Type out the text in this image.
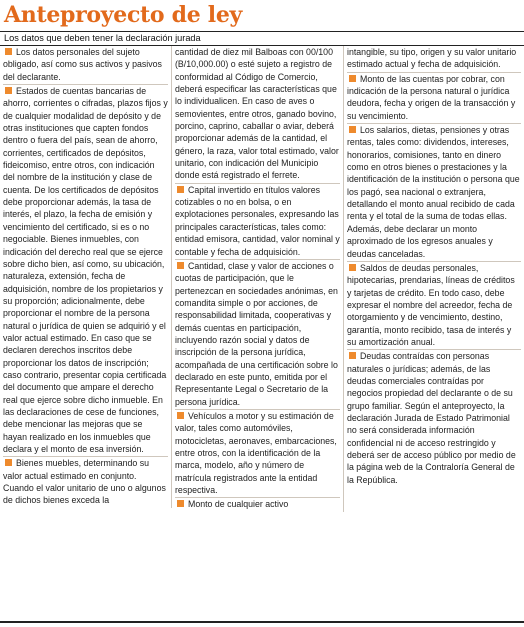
Anteproyecto de ley
Los datos que deben tener la declaración jurada
Los datos personales del sujeto obligado, así como sus activos y pasivos del declarante.
Estados de cuentas bancarias de ahorro, corrientes o cifradas, plazos fijos y de cualquier modalidad de depósito y de otras instituciones que capten fondos dentro o fuera del país, sean de ahorro, corrientes, certificados de depósitos, fideicomiso, entre otros, con indicación del nombre de la institución y clase de cuenta. De los certificados de depósitos debe proporcionar además, la tasa de interés, el plazo, la fecha de emisión y vencimiento del certificado, si es o no negociable. Bienes inmuebles, con indicación del derecho real que se ejerce sobre dicho bien, así como, su ubicación, naturaleza, extensión, fecha de adquisición, nombre de los propietarios y su proporción; adicionalmente, debe proporcionar el nombre de la persona natural o jurídica de quien se adquirió y el valor actual estimado. En caso que se declaren derechos inscritos debe proporcionar los datos de inscripción; caso contrario, presentar copia certificada del documento que ampare el derecho real que ejerce sobre dicho inmueble. En las declaraciones de cese de funciones, debe mencionar las mejoras que se hayan realizado en los inmuebles que declara y el monto de esa inversión.
Bienes muebles, determinando su valor actual estimado en conjunto. Cuando el valor unitario de uno o algunos de dichos bienes exceda la
cantidad de diez mil Balboas con 00/100 (B/10,000.00) o esté sujeto a registro de conformidad al Código de Comercio, deberá especificar las características que lo individualicen. En caso de aves o semovientes, entre otros, ganado bovino, porcino, caprino, caballar o aviar, deberá proporcionar además de la cantidad, el género, la raza, valor total estimado, valor unitario, con indicación del Municipio donde está registrado el ferrete.
Capital invertido en títulos valores cotizables o no en bolsa, o en explotaciones personales, expresando las principales características, tales como: entidad emisora, cantidad, valor nominal y contable y fecha de adquisición.
Cantidad, clase y valor de acciones o cuotas de participación, que le pertenezcan en sociedades anónimas, en comandita simple o por acciones, de responsabilidad limitada, cooperativas y demás cuentas en participación, incluyendo razón social y datos de inscripción de la persona jurídica, acompañada de una certificación sobre lo declarado en este punto, emitida por el Representante Legal o Secretario de la persona jurídica.
Vehículos a motor y su estimación de valor, tales como automóviles, motocicletas, aeronaves, embarcaciones, entre otros, con la identificación de la marca, modelo, año y número de matrícula registrados ante la entidad respectiva.
Monto de cualquier activo
intangible, su tipo, origen y su valor unitario estimado actual y fecha de adquisición.
Monto de las cuentas por cobrar, con indicación de la persona natural o jurídica deudora, fecha y origen de la transacción y su vencimiento.
Los salarios, dietas, pensiones y otras rentas, tales como: dividendos, intereses, honorarios, comisiones, tanto en dinero como en otros bienes o prestaciones y la identificación de la institución o persona que los pagó, sea nacional o extranjera, detallando el monto anual recibido de cada renta y el total de la suma de todas ellas. Además, debe declarar un monto aproximado de los egresos anuales y deudas canceladas.
Saldos de deudas personales, hipotecarias, prendarias, líneas de créditos y tarjetas de crédito. En todo caso, debe expresar el nombre del acreedor, fecha de otorgamiento y de vencimiento, destino, garantía, monto recibido, tasa de interés y su amortización anual.
Deudas contraídas con personas naturales o jurídicas; además, de las deudas comerciales contraídas por negocios propiedad del declarante o de su grupo familiar. Según el anteproyecto, la declaración Jurada de Estado Patrimonial no será considerada información confidencial ni de acceso restringido y deberá ser de acceso público por medio de la página web de la Contraloría General de la República.
